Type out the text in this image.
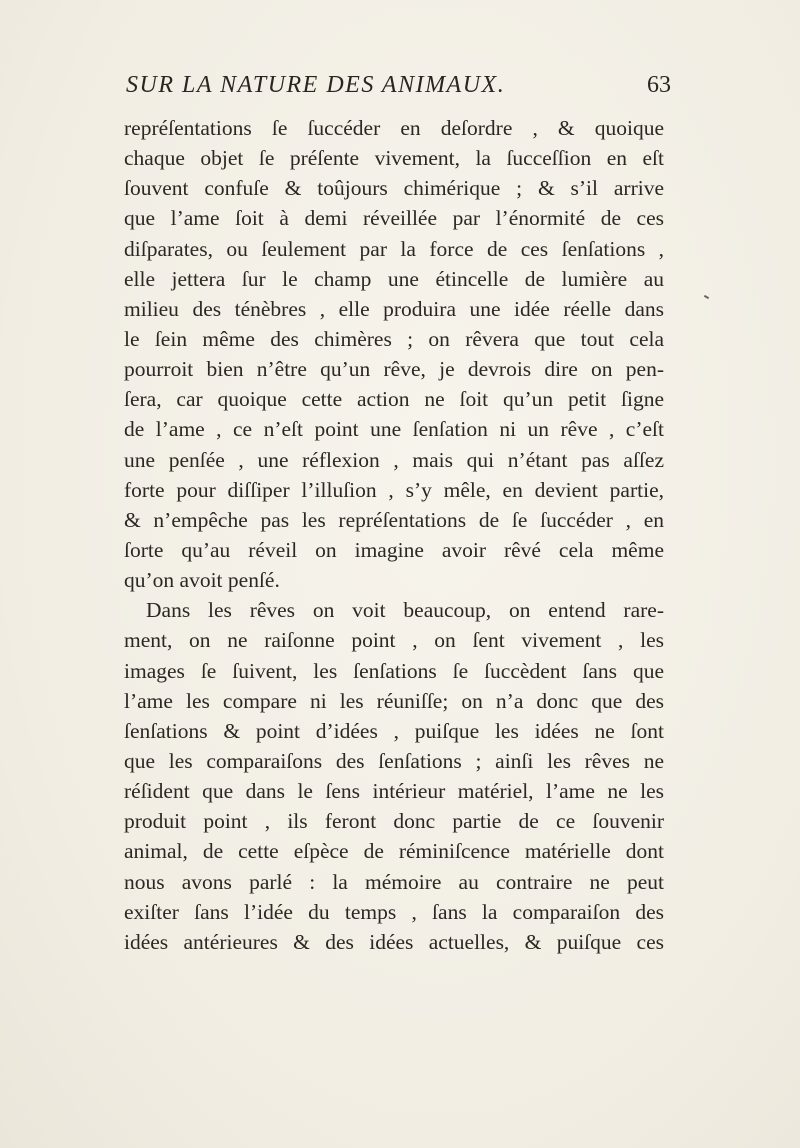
SUR LA NATURE DES ANIMAUX.	63
repréſentations ſe ſuccéder en deſordre , & quoique
chaque objet ſe préſente vivement, la ſucceſſion en eſt
ſouvent confuſe & toûjours chimérique ; & s’il arrive
que l’ame ſoit à demi réveillée par l’énormité de ces
diſparates, ou ſeulement par la force de ces ſenſations ,
elle jettera ſur le champ une étincelle de lumière au
milieu des ténèbres , elle produira une idée réelle dans
le ſein même des chimères ; on rêvera que tout cela
pourroit bien n’être qu’un rêve, je devrois dire on pen-
ſera, car quoique cette action ne ſoit qu’un petit ſigne
de l’ame , ce n’eſt point une ſenſation ni un rêve , c’eſt
une penſée , une réflexion , mais qui n’étant pas aſſez
forte pour diſſiper l’illuſion , s’y mêle, en devient partie,
& n’empêche pas les repréſentations de ſe ſuccéder , en
ſorte qu’au réveil on imagine avoir rêvé cela même
qu’on avoit penſé.
Dans les rêves on voit beaucoup, on entend rare-
ment, on ne raiſonne point , on ſent vivement , les
images ſe ſuivent, les ſenſations ſe ſuccèdent ſans que
l’ame les compare ni les réuniſſe; on n’a donc que des
ſenſations & point d’idées , puiſque les idées ne ſont
que les comparaiſons des ſenſations ; ainſi les rêves ne
réſident que dans le ſens intérieur matériel, l’ame ne les
produit point , ils feront donc partie de ce ſouvenir
animal, de cette eſpèce de réminiſcence matérielle dont
nous avons parlé : la mémoire au contraire ne peut
exiſter ſans l’idée du temps , ſans la comparaiſon des
idées antérieures & des idées actuelles, & puiſque ces
